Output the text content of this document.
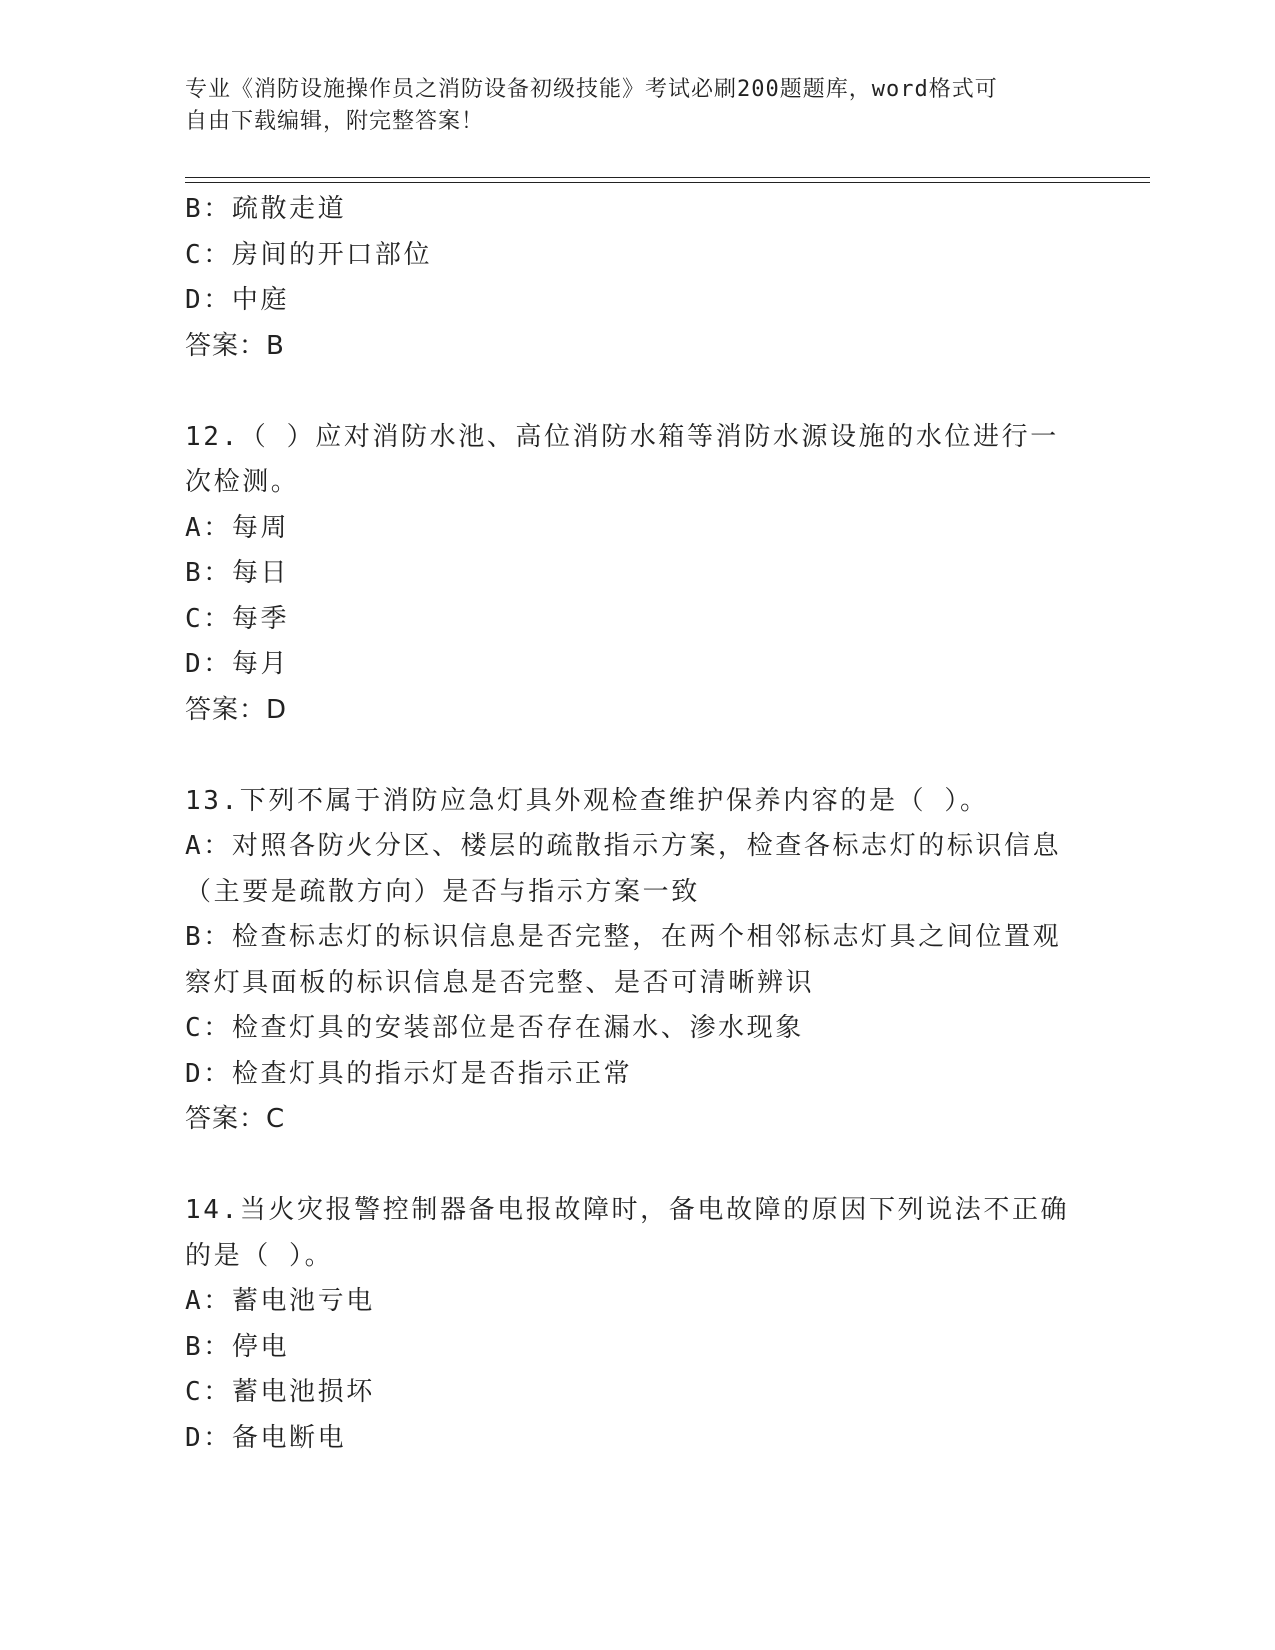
专业《消防设施操作员之消防设备初级技能》考试必刷200题题库，word格式可
自由下载编辑，附完整答案！
B：疏散走道
C：房间的开口部位
D：中庭
答案：B
12.（ ）应对消防水池、高位消防水箱等消防水源设施的水位进行一
次检测。
A：每周
B：每日
C：每季
D：每月
答案：D
13.下列不属于消防应急灯具外观检查维护保养内容的是（ ）。
A：对照各防火分区、楼层的疏散指示方案，检查各标志灯的标识信息
（主要是疏散方向）是否与指示方案一致
B：检查标志灯的标识信息是否完整，在两个相邻标志灯具之间位置观
察灯具面板的标识信息是否完整、是否可清晰辨识
C：检查灯具的安装部位是否存在漏水、渗水现象
D：检查灯具的指示灯是否指示正常
答案：C
14.当火灾报警控制器备电报故障时，备电故障的原因下列说法不正确
的是（ ）。
A：蓄电池亏电
B：停电
C：蓄电池损坏
D：备电断电
